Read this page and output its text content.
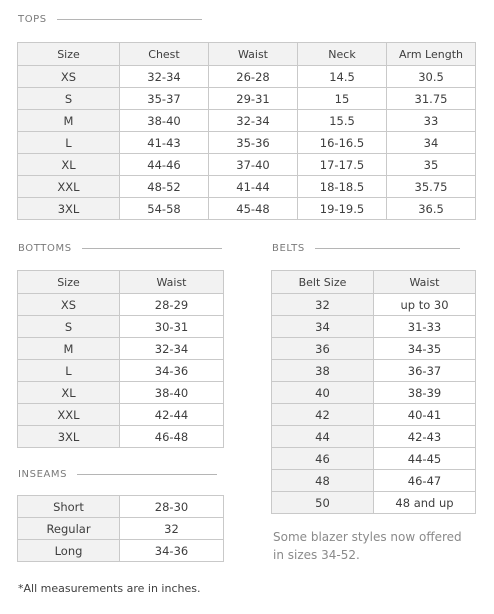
TOPS
Size	Chest	Waist	Neck	Arm Length
XS	32-34	26-28	14.5	30.5
S	35-37	29-31	15	31.75
M	38-40	32-34	15.5	33
L	41-43	35-36	16-16.5	34
XL	44-46	37-40	17-17.5	35
XXL	48-52	41-44	18-18.5	35.75
3XL	54-58	45-48	19-19.5	36.5
BOTTOMS
Size	Waist
XS	28-29
S	30-31
M	32-34
L	34-36
XL	38-40
XXL	42-44
3XL	46-48
INSEAMS
Short	28-30
Regular	32
Long	34-36
BELTS
Belt Size	Waist
32	up to 30
34	31-33
36	34-35
38	36-37
40	38-39
42	40-41
44	42-43
46	44-45
48	46-47
50	48 and up
Some blazer styles now offered in sizes 34-52.
*All measurements are in inches.
